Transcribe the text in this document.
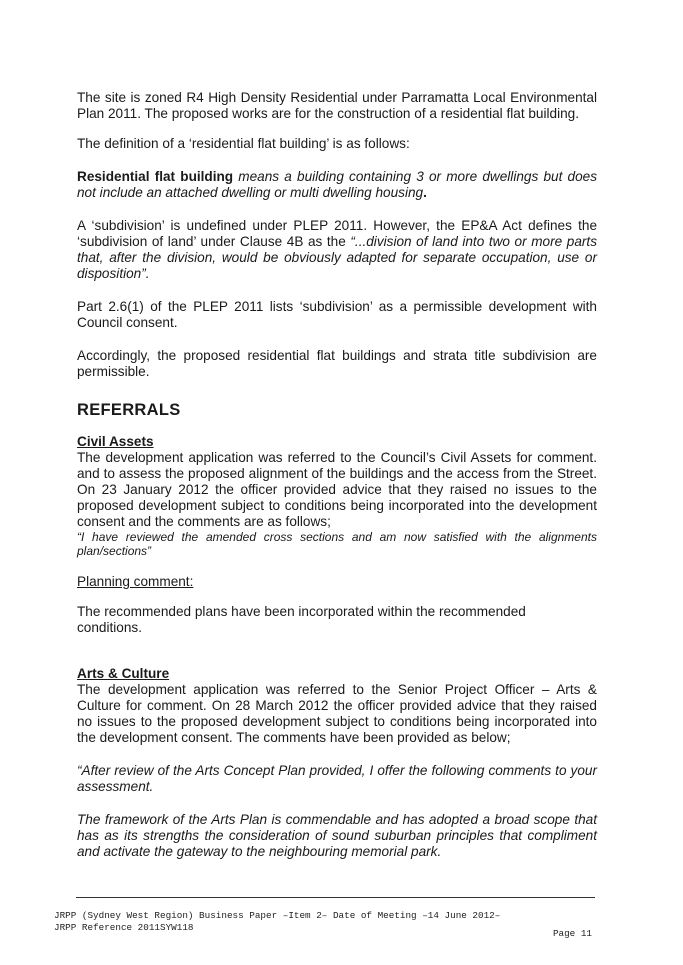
The site is zoned R4 High Density Residential under Parramatta Local Environmental Plan 2011. The proposed works are for the construction of a residential flat building.

The definition of a ‘residential flat building’ is as follows:

Residential flat building means a building containing 3 or more dwellings but does not include an attached dwelling or multi dwelling housing.

A ‘subdivision’ is undefined under PLEP 2011. However, the EP&A Act defines the ‘subdivision of land’ under Clause 4B as the “...division of land into two or more parts that, after the division, would be obviously adapted for separate occupation, use or disposition”.

Part 2.6(1) of the PLEP 2011 lists ‘subdivision’ as a permissible development with Council consent.

Accordingly, the proposed residential flat buildings and strata title subdivision are permissible.

REFERRALS
Civil Assets

The development application was referred to the Council’s Civil Assets for comment. and to assess the proposed alignment of the buildings and the access from the Street. On 23 January 2012 the officer provided advice that they raised no issues to the proposed development subject to conditions being incorporated into the development consent and the comments are as follows;

“I have reviewed the amended cross sections and am now satisfied with the alignments plan/sections”

Planning comment:

The recommended plans have been incorporated within the recommended conditions.

Arts & Culture

The development application was referred to the Senior Project Officer – Arts & Culture for comment. On 28 March 2012 the officer provided advice that they raised no issues to the proposed development subject to conditions being incorporated into the development consent. The comments have been provided as below;

“After review of the Arts Concept Plan provided, I offer the following comments to your assessment.

The framework of the Arts Plan is commendable and has adopted a broad scope that has as its strengths the consideration of sound suburban principles that compliment and activate the gateway to the neighbouring memorial park.

JRPP (Sydney West Region) Business Paper –Item 2– Date of Meeting –14 June 2012–
JRPP Reference 2011SYW118
Page 11
